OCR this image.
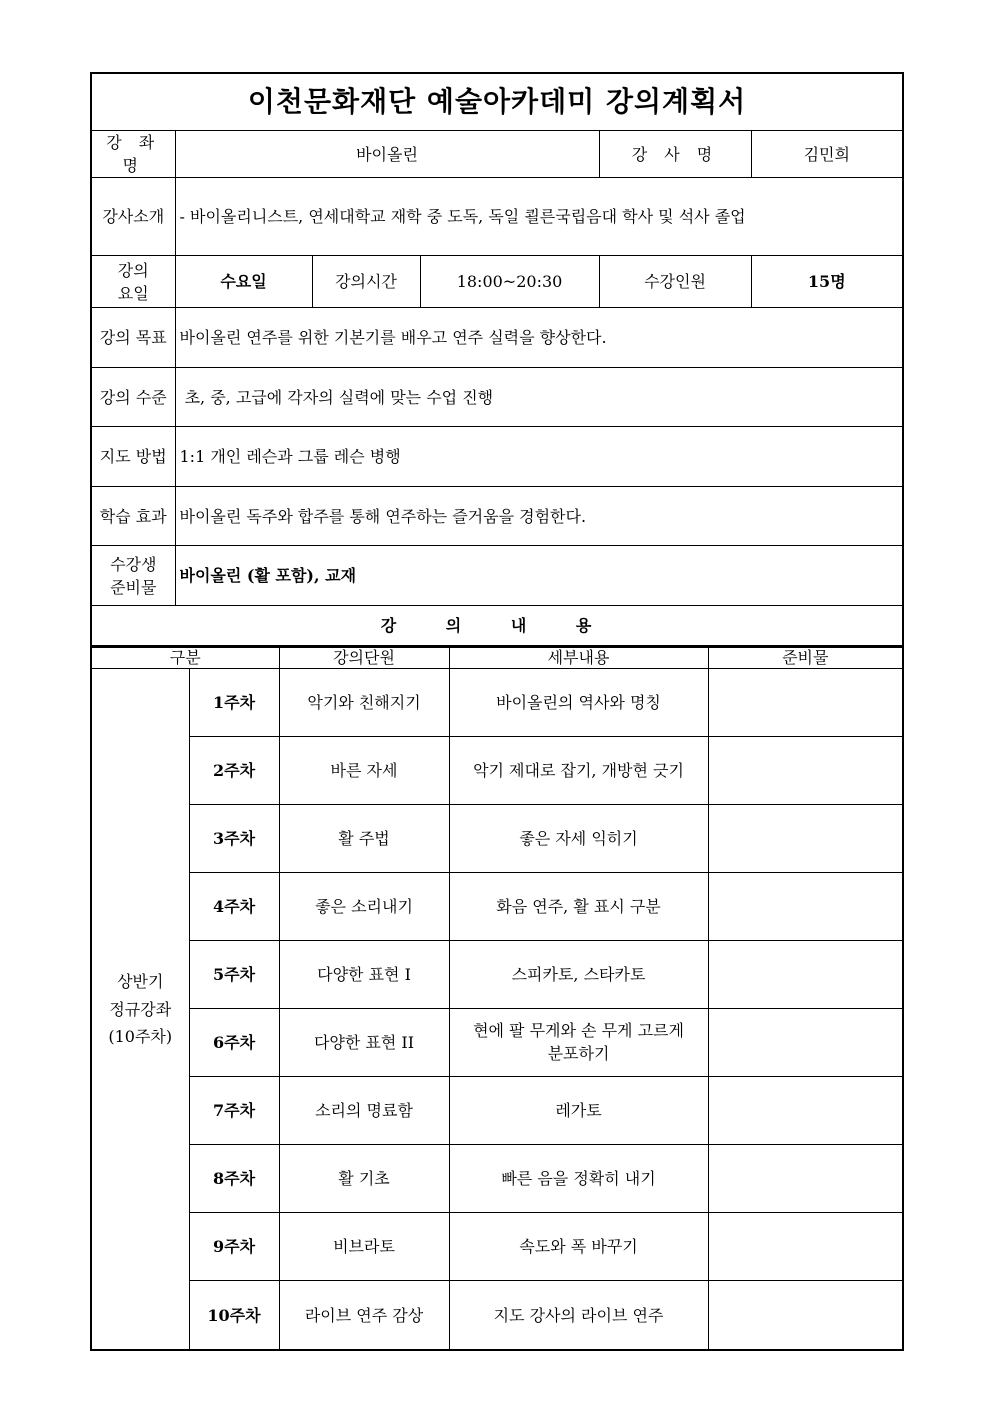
이천문화재단 예술아카데미 강의계획서					
강 좌 명	바이올린			강 사 명	김민희
강사소개	- 바이올리니스트, 연세대학교 재학 중 도독, 독일 쾰른국립음대 학사 및 석사 졸업				
강의
요일	수요일	강의시간	18:00~20:30	수강인원	15명
강의 목표	바이올린 연주를 위한 기본기를 배우고 연주 실력을 향상한다.				
강의 수준	초, 중, 고급에 각자의 실력에 맞는 수업 진행				
지도 방법	1:1 개인 레슨과 그룹 레슨 병행				
학습 효과	바이올린 독주와 합주를 통해 연주하는 즐거움을 경험한다.				
수강생
준비물	바이올린 (활 포함), 교재				
강 의 내 용					
구분		강의단원	세부내용	준비물
상반기
정규강좌
(10주차)	1주차	악기와 친해지기	바이올린의 역사와 명칭	
	2주차	바른 자세	악기 제대로 잡기, 개방현 긋기	
	3주차	활 주법	좋은 자세 익히기	
	4주차	좋은 소리내기	화음 연주, 활 표시 구분	
	5주차	다양한 표현 I	스피카토, 스타카토	
	6주차	다양한 표현 II	현에 팔 무게와 손 무게 고르게
분포하기	
	7주차	소리의 명료함	레가토	
	8주차	활 기초	빠른 음을 정확히 내기	
	9주차	비브라토	속도와 폭 바꾸기	
	10주차	라이브 연주 감상	지도 강사의 라이브 연주	
